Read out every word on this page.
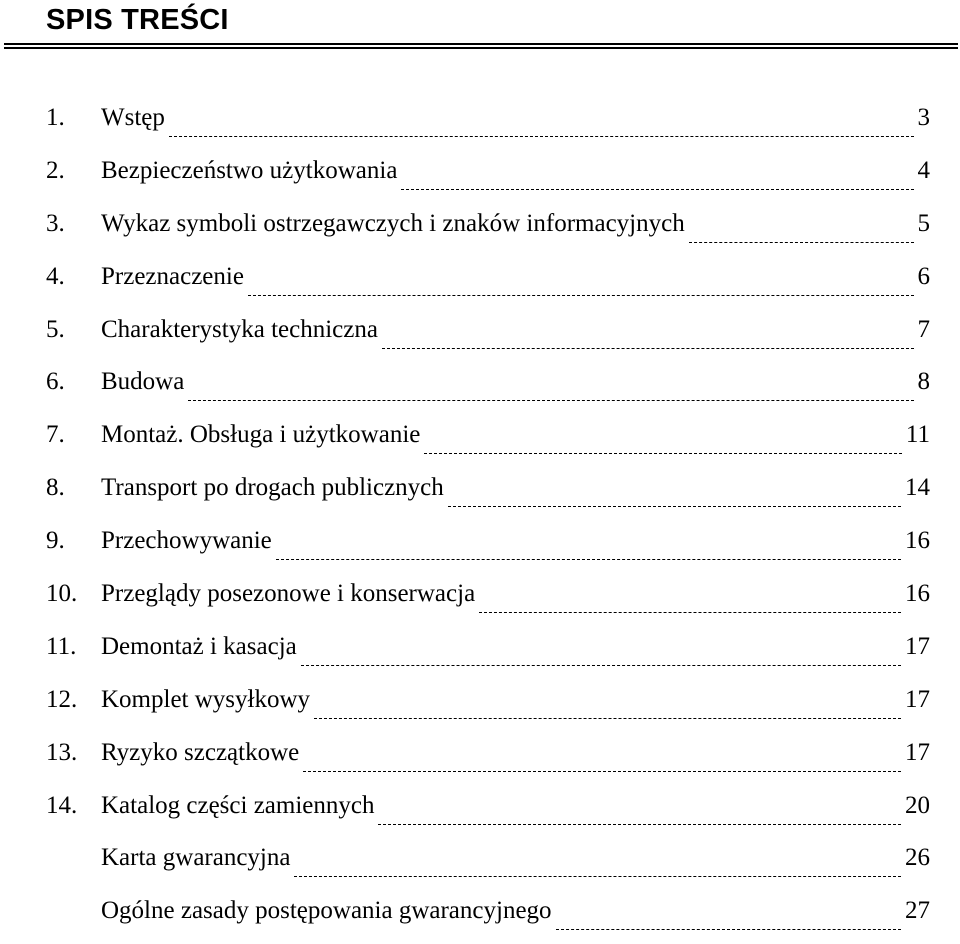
SPIS TREŚCI
1. Wstęp	3
2. Bezpieczeństwo użytkowania	4
3. Wykaz symboli ostrzegawczych i znaków informacyjnych	5
4. Przeznaczenie	6
5. Charakterystyka techniczna	7
6. Budowa	8
7. Montaż. Obsługa i użytkowanie	11
8. Transport po drogach publicznych	14
9. Przechowywanie	16
10. Przeglądy posezonowe i konserwacja	16
11. Demontaż i kasacja	17
12. Komplet wysyłkowy	17
13. Ryzyko szczątkowe	17
14. Katalog części zamiennych	20
Karta gwarancyjna	26
Ogólne zasady postępowania gwarancyjnego	27
